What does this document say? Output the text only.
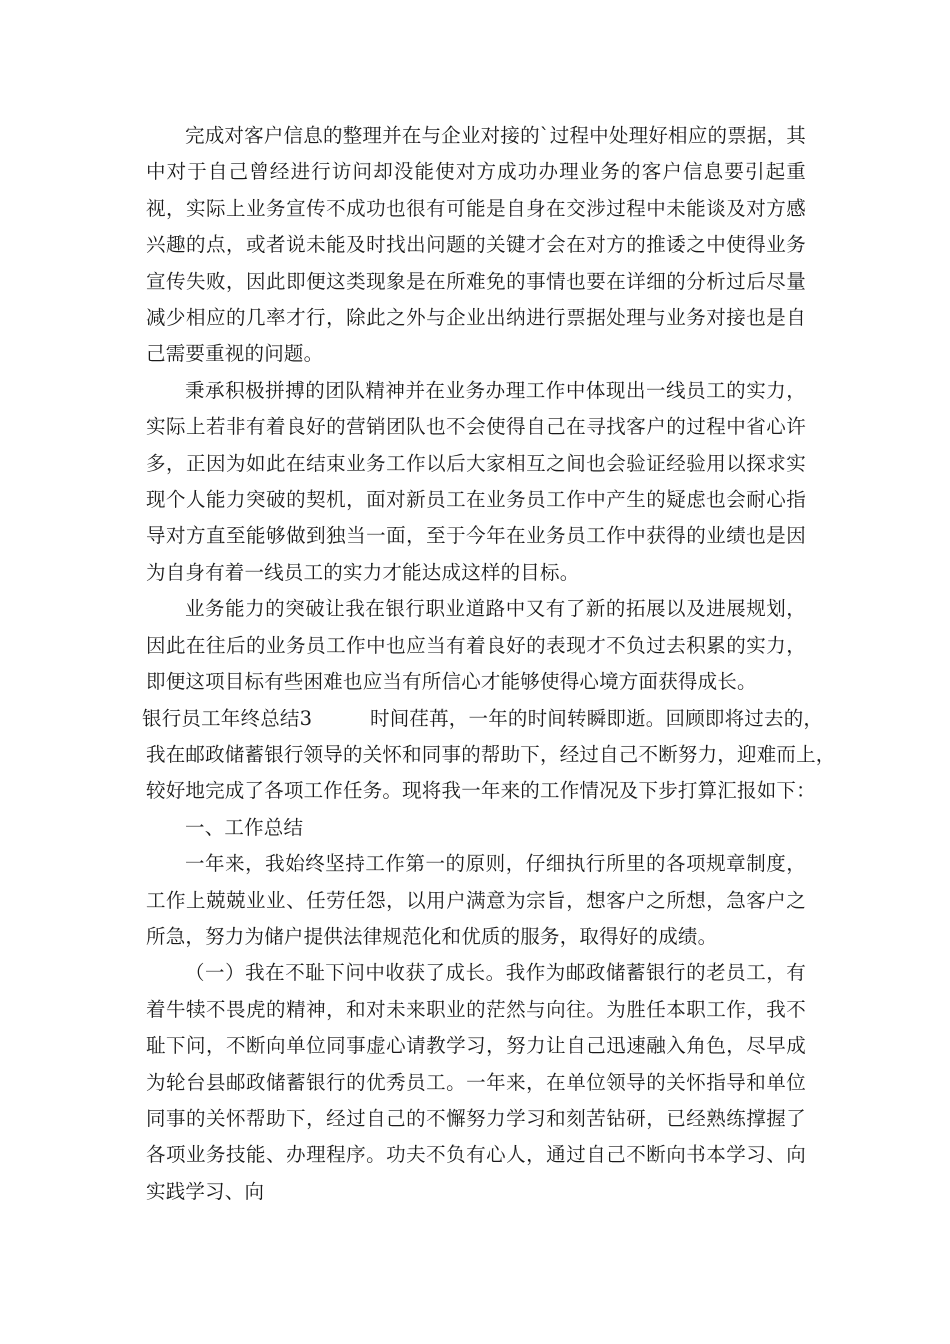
完成对客户信息的整理并在与企业对接的`过程中处理好相应的票据，其中对于自己曾经进行访问却没能使对方成功办理业务的客户信息要引起重视，实际上业务宣传不成功也很有可能是自身在交涉过程中未能谈及对方感兴趣的点，或者说未能及时找出问题的关键才会在对方的推诿之中使得业务宣传失败，因此即便这类现象是在所难免的事情也要在详细的分析过后尽量减少相应的几率才行，除此之外与企业出纳进行票据处理与业务对接也是自己需要重视的问题。

秉承积极拼搏的团队精神并在业务办理工作中体现出一线员工的实力，实际上若非有着良好的营销团队也不会使得自己在寻找客户的过程中省心许多，正因为如此在结束业务工作以后大家相互之间也会验证经验用以探求实现个人能力突破的契机，面对新员工在业务员工作中产生的疑虑也会耐心指导对方直至能够做到独当一面，至于今年在业务员工作中获得的业绩也是因为自身有着一线员工的实力才能达成这样的目标。

业务能力的突破让我在银行职业道路中又有了新的拓展以及进展规划，因此在往后的业务员工作中也应当有着良好的表现才不负过去积累的实力，即便这项目标有些困难也应当有所信心才能够使得心境方面获得成长。

银行员工年终总结3	时间荏苒，一年的时间转瞬即逝。回顾即将过去的，

我在邮政储蓄银行领导的关怀和同事的帮助下，经过自己不断努力，迎难而上，

较好地完成了各项工作任务。现将我一年来的工作情况及下步打算汇报如下：

一、工作总结

一年来，我始终坚持工作第一的原则，仔细执行所里的各项规章制度，工作上兢兢业业、任劳任怨，以用户满意为宗旨，想客户之所想，急客户之所急，努力为储户提供法律规范化和优质的服务，取得好的成绩。

（一）我在不耻下问中收获了成长。我作为邮政储蓄银行的老员工，有着牛犊不畏虎的精神，和对未来职业的茫然与向往。为胜任本职工作，我不耻下问，不断向单位同事虚心请教学习，努力让自己迅速融入角色，尽早成为轮台县邮政储蓄银行的优秀员工。一年来，在单位领导的关怀指导和单位同事的关怀帮助下，经过自己的不懈努力学习和刻苦钻研，已经熟练撑握了各项业务技能、办理程序。功夫不负有心人，通过自己不断向书本学习、向实践学习、向
